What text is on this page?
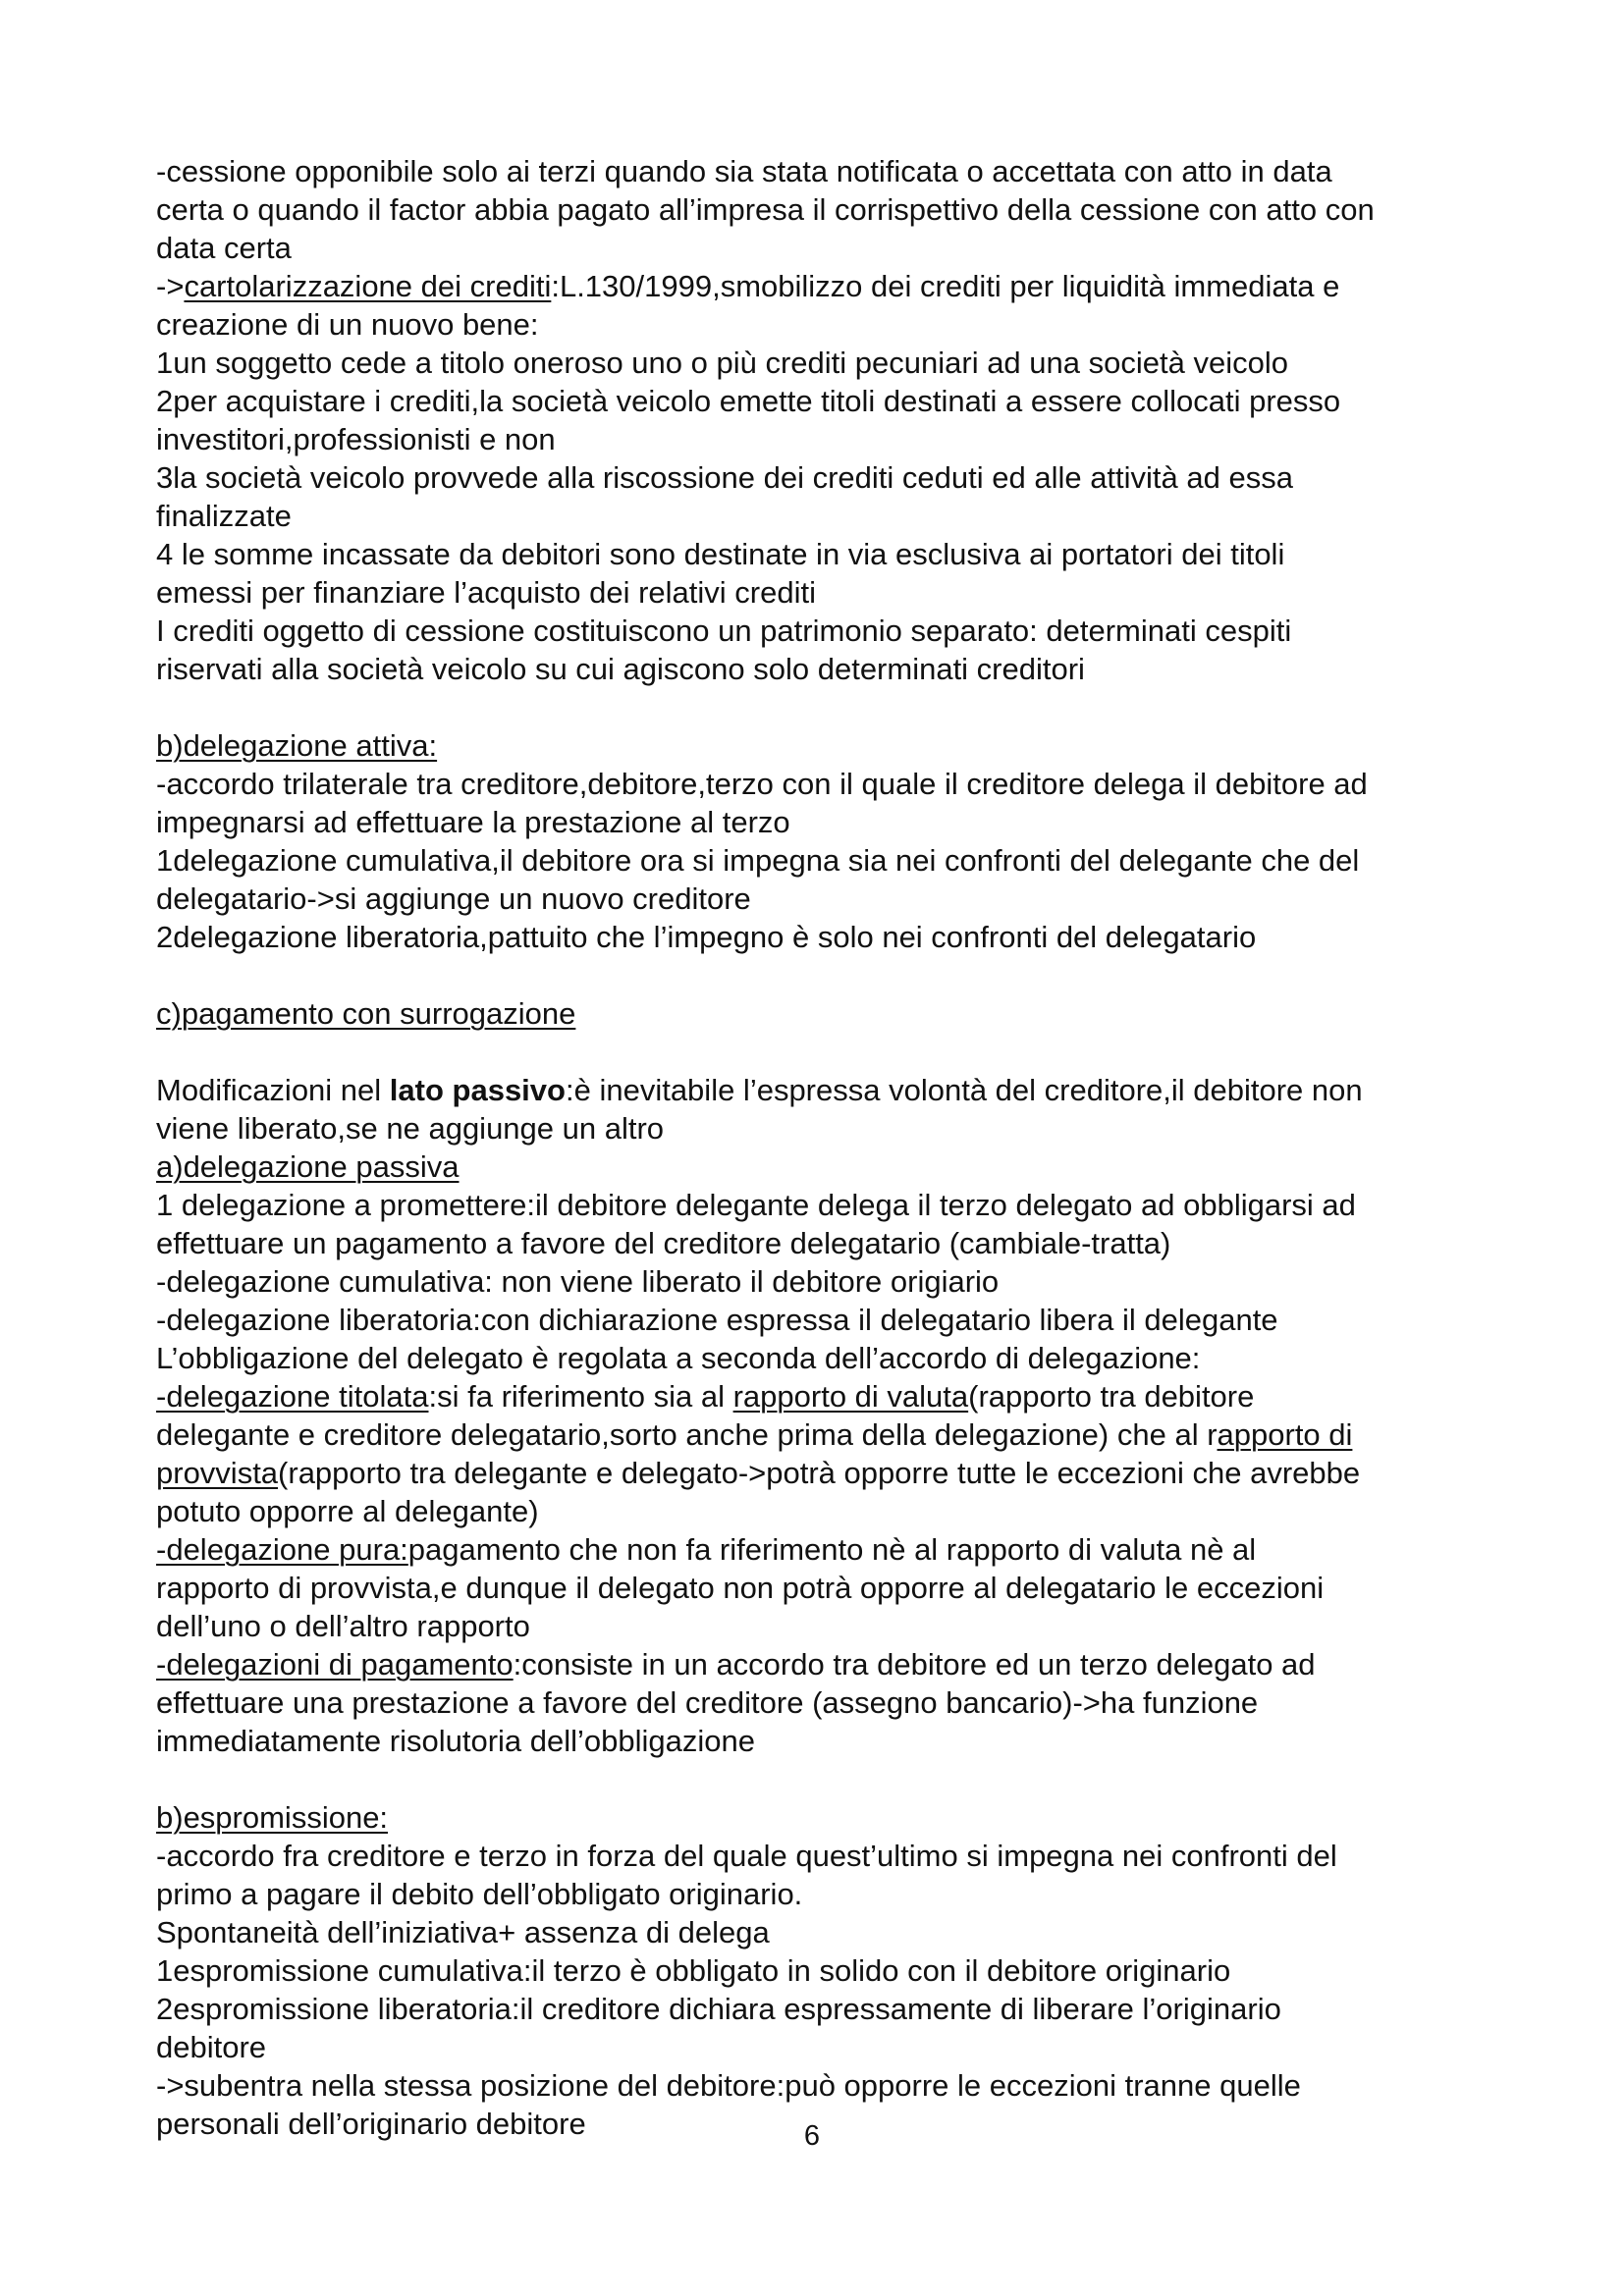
-cessione opponibile solo ai terzi quando sia stata notificata o accettata con atto in data
certa o quando il factor abbia pagato all’impresa il corrispettivo della cessione con atto con
data certa
->cartolarizzazione dei crediti:L.130/1999,smobilizzo dei crediti per liquidità immediata e
creazione di un nuovo bene:
1un soggetto cede a titolo oneroso uno o più crediti pecuniari ad una società veicolo
2per acquistare i crediti,la società veicolo emette titoli destinati a essere collocati presso
investitori,professionisti e non
3la società veicolo provvede alla riscossione dei crediti ceduti ed alle attività ad essa
finalizzate
4 le somme incassate da debitori sono destinate in via esclusiva ai portatori dei titoli
emessi per finanziare l’acquisto dei relativi crediti
I crediti oggetto di cessione costituiscono un patrimonio separato: determinati cespiti
riservati alla società veicolo su cui agiscono solo determinati creditori
b)delegazione attiva:
-accordo trilaterale tra creditore,debitore,terzo con il quale il creditore delega il debitore ad
impegnarsi ad effettuare la prestazione al terzo
1delegazione cumulativa,il debitore ora si impegna sia nei confronti del delegante che del
delegatario->si aggiunge un nuovo creditore
2delegazione liberatoria,pattuito che l’impegno è solo nei confronti del delegatario
c)pagamento con surrogazione
Modificazioni nel lato passivo:è inevitabile l’espressa volontà del creditore,il debitore non
viene liberato,se ne aggiunge un altro
a)delegazione passiva
1 delegazione a promettere:il debitore delegante delega il terzo delegato ad obbligarsi ad
effettuare un pagamento a favore del creditore delegatario (cambiale-tratta)
-delegazione cumulativa: non viene liberato il debitore origiario
-delegazione liberatoria:con dichiarazione espressa il delegatario libera il delegante
L’obbligazione del delegato è regolata a seconda dell’accordo di delegazione:
-delegazione titolata:si fa riferimento sia al rapporto di valuta(rapporto tra debitore
delegante e creditore delegatario,sorto anche prima della delegazione) che al rapporto di
provvista(rapporto tra delegante e delegato->potrà opporre tutte le eccezioni che avrebbe
potuto opporre al delegante)
-delegazione pura:pagamento che non fa riferimento nè al rapporto di valuta nè al
rapporto di provvista,e dunque il delegato non potrà opporre al delegatario le eccezioni
dell’uno o dell’altro rapporto
-delegazioni di pagamento:consiste in un accordo tra debitore ed un terzo delegato ad
effettuare una prestazione a favore del creditore (assegno bancario)->ha funzione
immediatamente risolutoria dell’obbligazione
b)espromissione:
-accordo fra creditore e terzo in forza del quale quest’ultimo si impegna nei confronti del
primo a pagare il debito dell’obbligato originario.
Spontaneità dell’iniziativa+ assenza di delega
1espromissione cumulativa:il terzo è obbligato in solido con il debitore originario
2espromissione liberatoria:il creditore dichiara espressamente di liberare l’originario
debitore
->subentra nella stessa posizione del debitore:può opporre le eccezioni tranne quelle
personali dell’originario debitore	6
